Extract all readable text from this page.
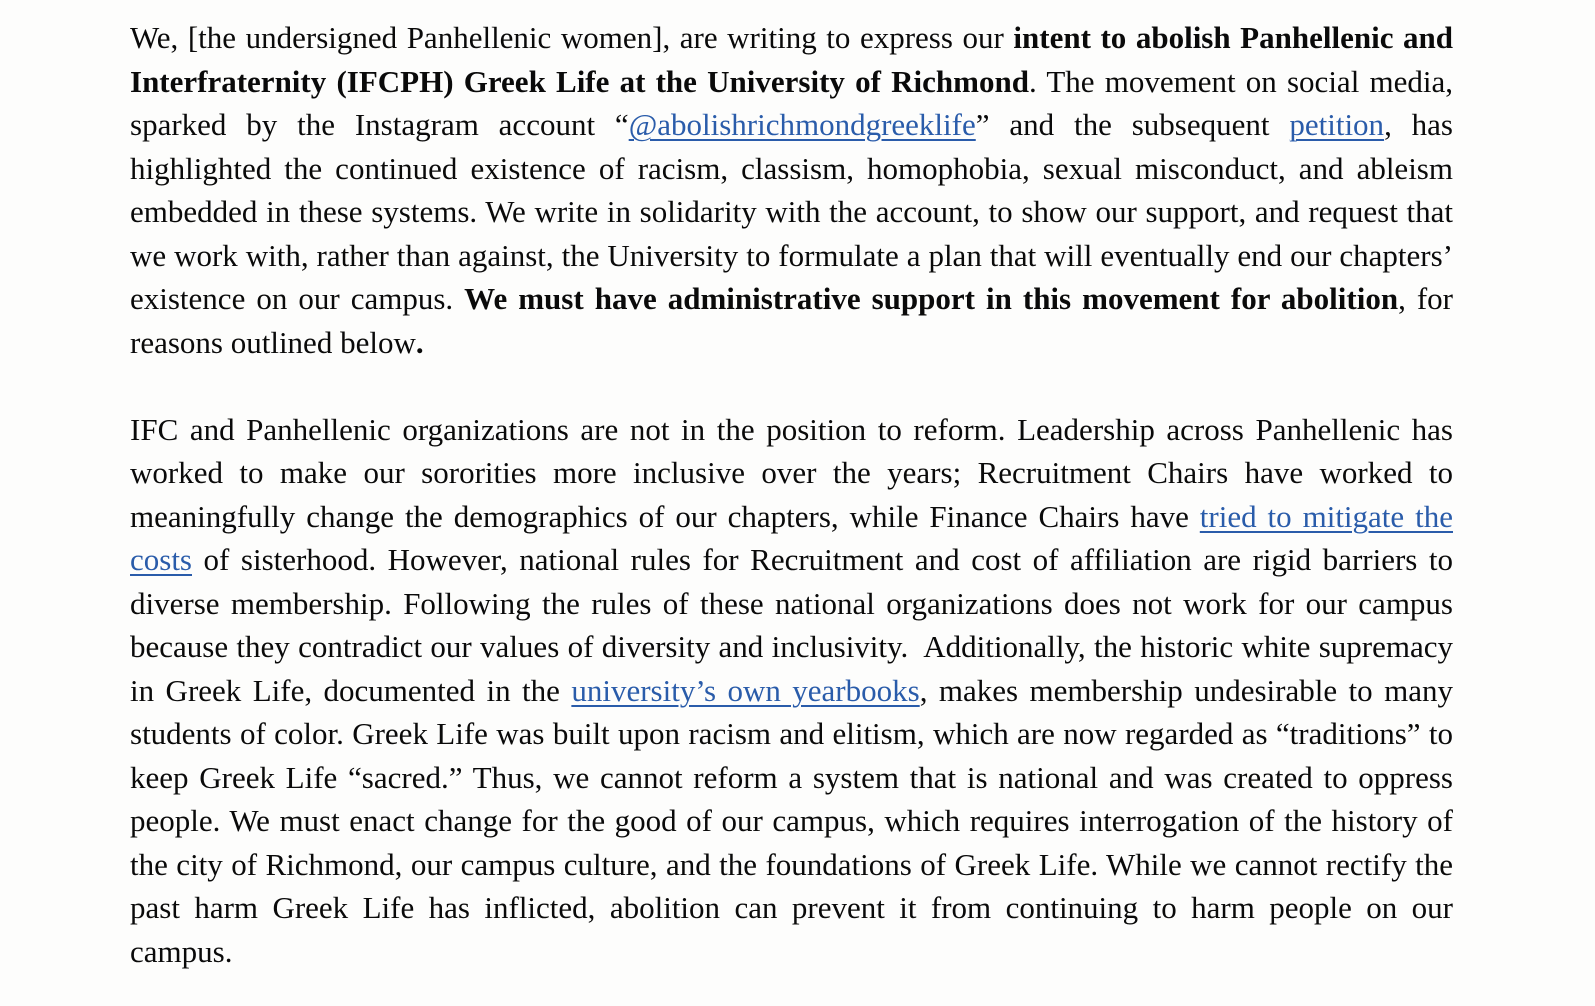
We, [the undersigned Panhellenic women], are writing to express our intent to abolish Panhellenic and Interfraternity (IFCPH) Greek Life at the University of Richmond. The movement on social media, sparked by the Instagram account “@abolishrichmondgreeklife” and the subsequent petition, has highlighted the continued existence of racism, classism, homophobia, sexual misconduct, and ableism embedded in these systems. We write in solidarity with the account, to show our support, and request that we work with, rather than against, the University to formulate a plan that will eventually end our chapters’ existence on our campus. We must have administrative support in this movement for abolition, for reasons outlined below.

IFC and Panhellenic organizations are not in the position to reform. Leadership across Panhellenic has worked to make our sororities more inclusive over the years; Recruitment Chairs have worked to meaningfully change the demographics of our chapters, while Finance Chairs have tried to mitigate the costs of sisterhood. However, national rules for Recruitment and cost of affiliation are rigid barriers to diverse membership. Following the rules of these national organizations does not work for our campus because they contradict our values of diversity and inclusivity.  Additionally, the historic white supremacy in Greek Life, documented in the university’s own yearbooks, makes membership undesirable to many students of color. Greek Life was built upon racism and elitism, which are now regarded as “traditions” to keep Greek Life “sacred.” Thus, we cannot reform a system that is national and was created to oppress people. We must enact change for the good of our campus, which requires interrogation of the history of the city of Richmond, our campus culture, and the foundations of Greek Life. While we cannot rectify the past harm Greek Life has inflicted, abolition can prevent it from continuing to harm people on our campus.
